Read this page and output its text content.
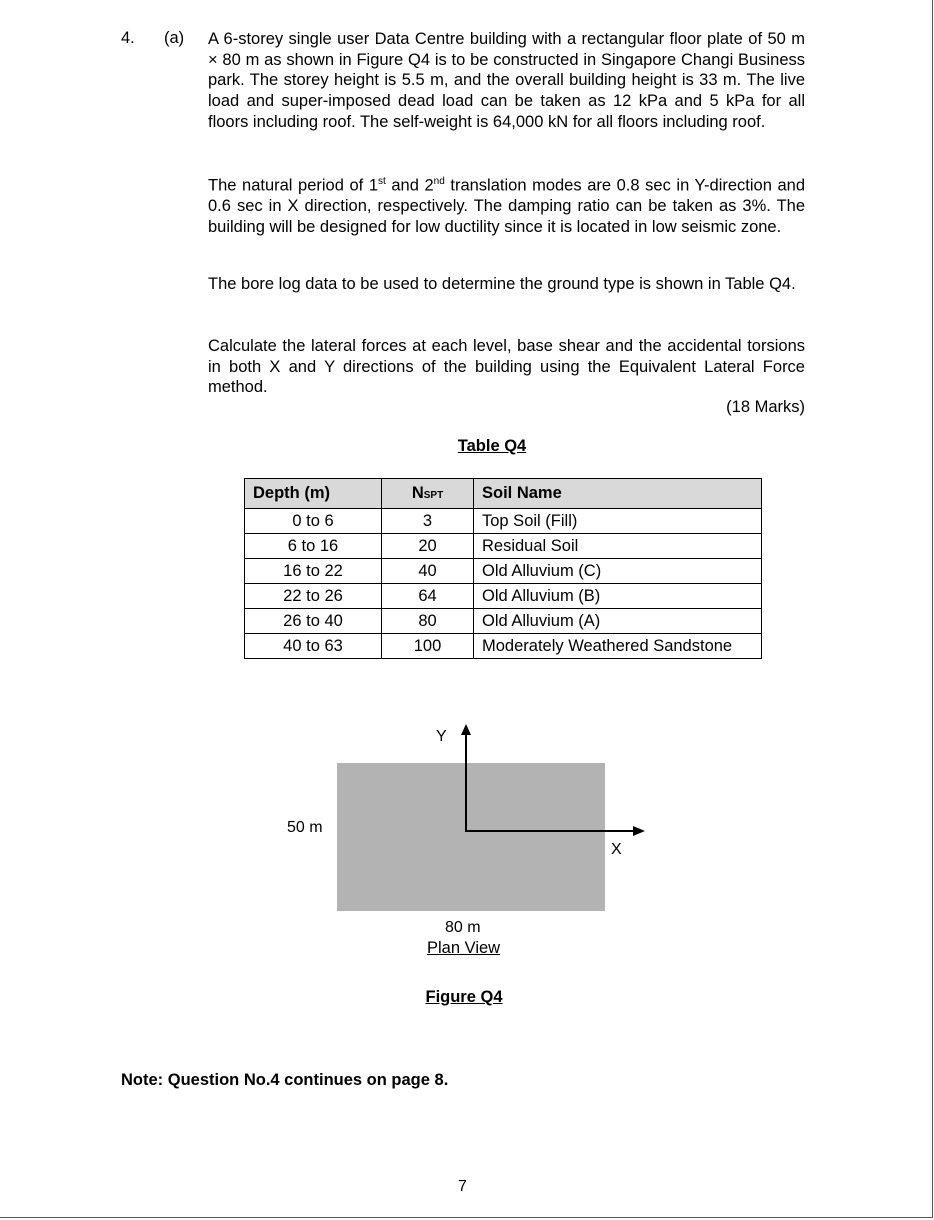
4. (a) A 6-storey single user Data Centre building with a rectangular floor plate of 50 m × 80 m as shown in Figure Q4 is to be constructed in Singapore Changi Business park. The storey height is 5.5 m, and the overall building height is 33 m. The live load and super-imposed dead load can be taken as 12 kPa and 5 kPa for all floors including roof. The self-weight is 64,000 kN for all floors including roof.
The natural period of 1st and 2nd translation modes are 0.8 sec in Y-direction and 0.6 sec in X direction, respectively. The damping ratio can be taken as 3%. The building will be designed for low ductility since it is located in low seismic zone.
The bore log data to be used to determine the ground type is shown in Table Q4.
Calculate the lateral forces at each level, base shear and the accidental torsions in both X and Y directions of the building using the Equivalent Lateral Force method.
(18 Marks)
Table Q4
Depth (m)	NSPT	Soil Name
0 to 6	3	Top Soil (Fill)
6 to 16	20	Residual Soil
16 to 22	40	Old Alluvium (C)
22 to 26	64	Old Alluvium (B)
26 to 40	80	Old Alluvium (A)
40 to 63	100	Moderately Weathered Sandstone
Y
X
50 m
80 m
Plan View
Figure Q4
Note: Question No.4 continues on page 8.
7
